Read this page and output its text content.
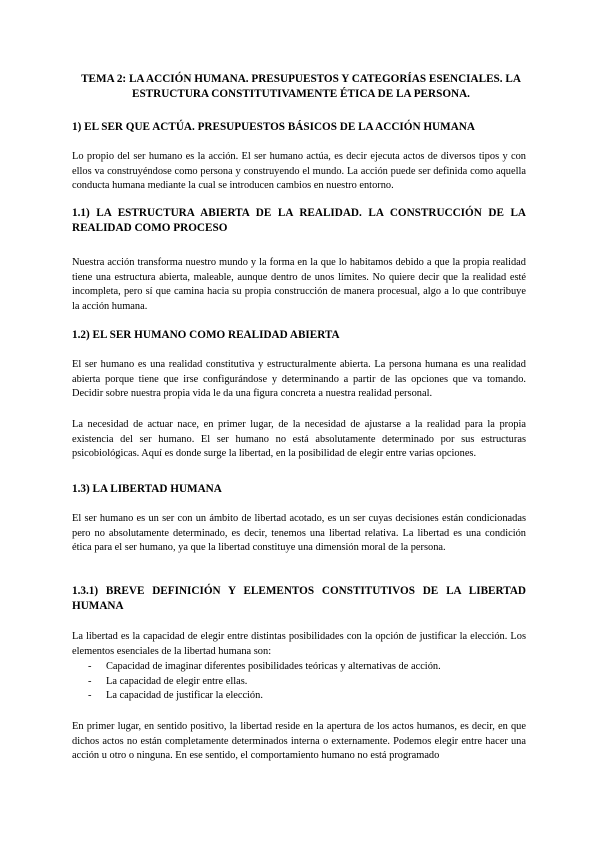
TEMA 2: LA ACCIÓN HUMANA. PRESUPUESTOS Y CATEGORÍAS ESENCIALES. LA
ESTRUCTURA CONSTITUTIVAMENTE ÉTICA DE LA PERSONA.
1) EL SER QUE ACTÚA. PRESUPUESTOS BÁSICOS DE LA ACCIÓN HUMANA
Lo propio del ser humano es la acción. El ser humano actúa, es decir ejecuta actos de diversos tipos y con ellos va construyéndose como persona y construyendo el mundo. La acción puede ser definida como aquella conducta humana mediante la cual se introducen cambios en nuestro entorno.
1.1) LA ESTRUCTURA ABIERTA DE LA REALIDAD. LA CONSTRUCCIÓN DE LA REALIDAD COMO PROCESO
Nuestra acción transforma nuestro mundo y la forma en la que lo habitamos debido a que la propia realidad tiene una estructura abierta, maleable, aunque dentro de unos límites. No quiere decir que la realidad esté incompleta, pero sí que camina hacia su propia construcción de manera procesual, algo a lo que contribuye la acción humana.
1.2) EL SER HUMANO COMO REALIDAD ABIERTA
El ser humano es una realidad constitutiva y estructuralmente abierta. La persona humana es una realidad abierta porque tiene que irse configurándose y determinando a partir de las opciones que va tomando. Decidir sobre nuestra propia vida le da una figura concreta a nuestra realidad personal.
La necesidad de actuar nace, en primer lugar, de la necesidad de ajustarse a la realidad para la propia existencia del ser humano. El ser humano no está absolutamente determinado por sus estructuras psicobiológicas. Aquí es donde surge la libertad, en la posibilidad de elegir entre varias opciones.
1.3) LA LIBERTAD HUMANA
El ser humano es un ser con un ámbito de libertad acotado, es un ser cuyas decisiones están condicionadas pero no absolutamente determinado, es decir, tenemos una libertad relativa. La libertad es una condición ética para el ser humano, ya que la libertad constituye una dimensión moral de la persona.
1.3.1) BREVE DEFINICIÓN Y ELEMENTOS CONSTITUTIVOS DE LA LIBERTAD HUMANA
La libertad es la capacidad de elegir entre distintas posibilidades con la opción de justificar la elección. Los elementos esenciales de la libertad humana son:
- Capacidad de imaginar diferentes posibilidades teóricas y alternativas de acción.
- La capacidad de elegir entre ellas.
- La capacidad de justificar la elección.
En primer lugar, en sentido positivo, la libertad reside en la apertura de los actos humanos, es decir, en que dichos actos no están completamente determinados interna o externamente. Podemos elegir entre hacer una acción u otro o ninguna. En ese sentido, el comportamiento humano no está programado
